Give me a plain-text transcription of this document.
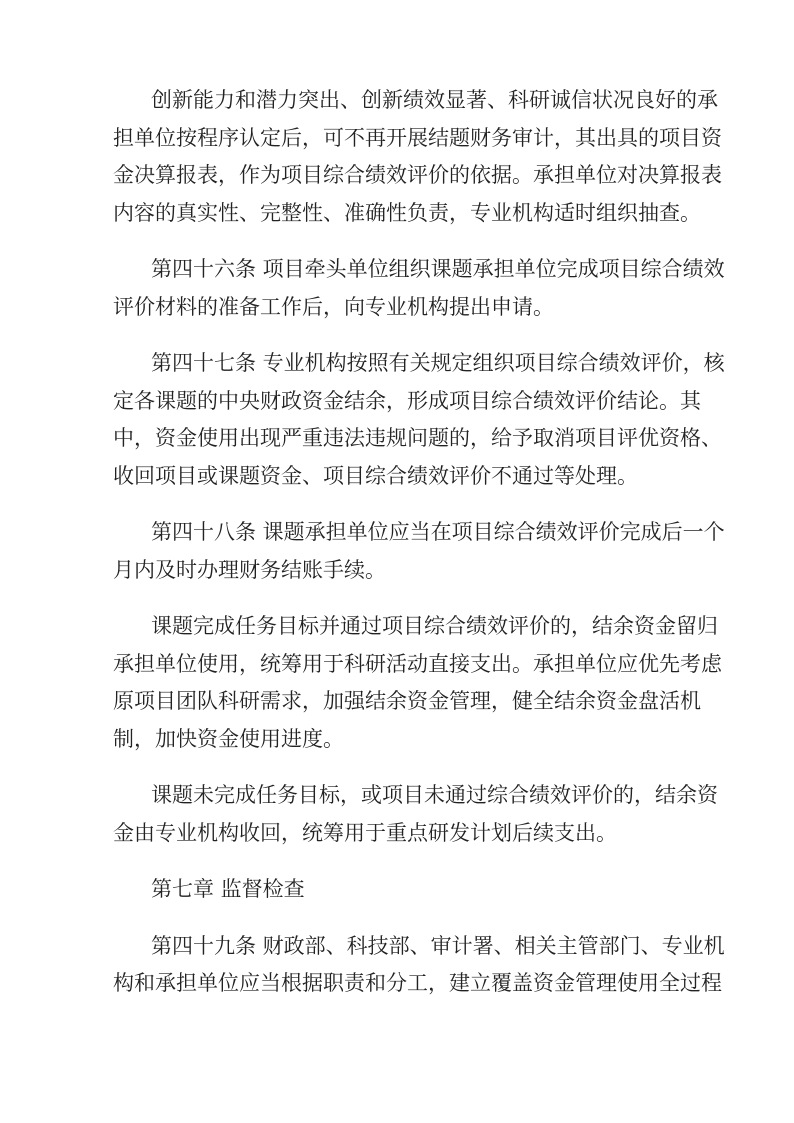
创新能力和潜力突出、创新绩效显著、科研诚信状况良好的承
担单位按程序认定后，可不再开展结题财务审计，其出具的项目资
金决算报表，作为项目综合绩效评价的依据。承担单位对决算报表
内容的真实性、完整性、准确性负责，专业机构适时组织抽查。
第四十六条 项目牵头单位组织课题承担单位完成项目综合绩效
评价材料的准备工作后，向专业机构提出申请。
第四十七条 专业机构按照有关规定组织项目综合绩效评价，核
定各课题的中央财政资金结余，形成项目综合绩效评价结论。其
中，资金使用出现严重违法违规问题的，给予取消项目评优资格、
收回项目或课题资金、项目综合绩效评价不通过等处理。
第四十八条 课题承担单位应当在项目综合绩效评价完成后一个
月内及时办理财务结账手续。
课题完成任务目标并通过项目综合绩效评价的，结余资金留归
承担单位使用，统筹用于科研活动直接支出。承担单位应优先考虑
原项目团队科研需求，加强结余资金管理，健全结余资金盘活机
制，加快资金使用进度。
课题未完成任务目标，或项目未通过综合绩效评价的，结余资
金由专业机构收回，统筹用于重点研发计划后续支出。
第七章 监督检查
第四十九条 财政部、科技部、审计署、相关主管部门、专业机
构和承担单位应当根据职责和分工，建立覆盖资金管理使用全过程
